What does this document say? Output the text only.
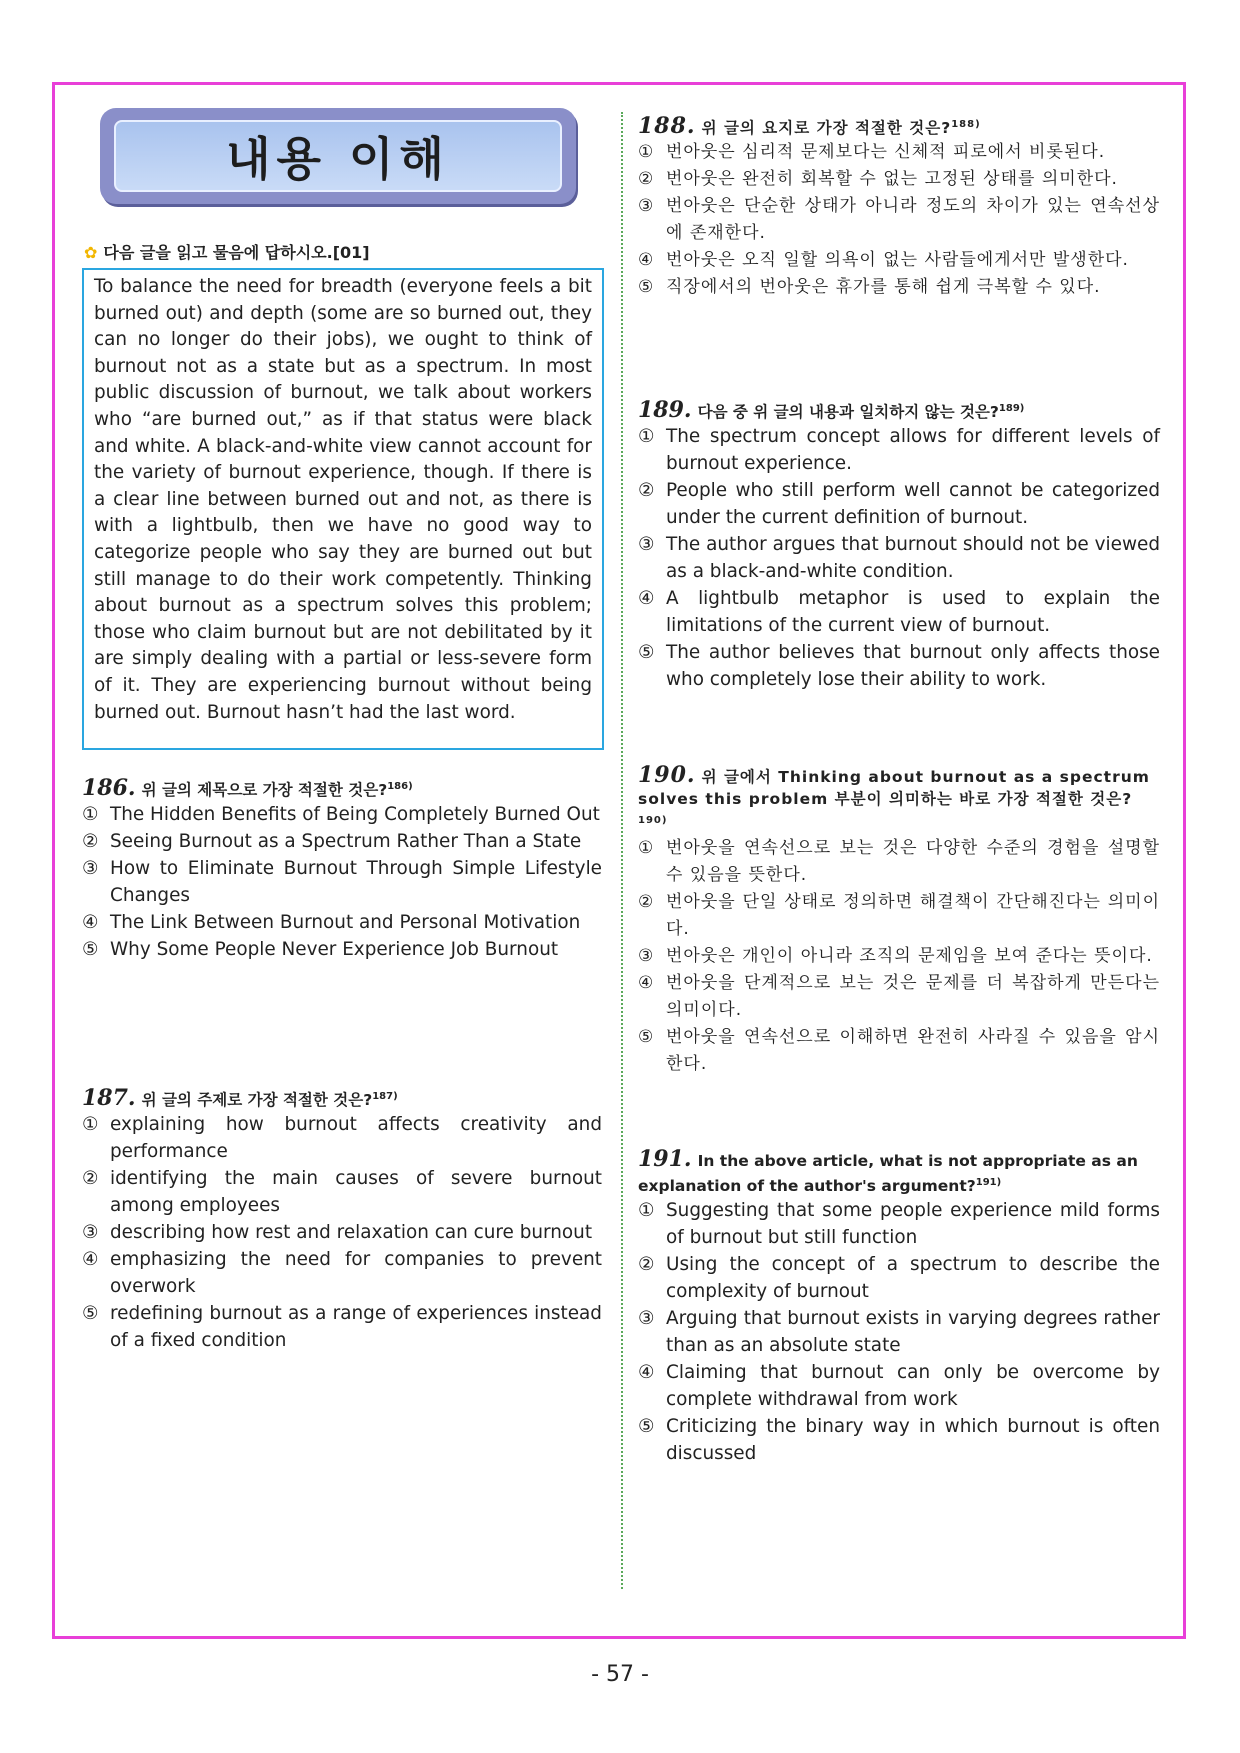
내용 이해
✿ 다음 글을 읽고 물음에 답하시오.[01]
To balance the need for breadth (everyone feels a bit burned out) and depth (some are so burned out, they can no longer do their jobs), we ought to think of burnout not as a state but as a spectrum. In most public discussion of burnout, we talk about workers who “are burned out,” as if that status were black and white. A black-and-white view cannot account for the variety of burnout experience, though. If there is a clear line between burned out and not, as there is with a lightbulb, then we have no good way to categorize people who say they are burned out but still manage to do their work competently. Thinking about burnout as a spectrum solves this problem; those who claim burnout but are not debilitated by it are simply dealing with a partial or less-severe form of it. They are experiencing burnout without being burned out. Burnout hasn’t had the last word.
186. 위 글의 제목으로 가장 적절한 것은?$^{186)}$
① The Hidden Benefits of Being Completely Burned Out
② Seeing Burnout as a Spectrum Rather Than a State
③ How to Eliminate Burnout Through Simple Lifestyle Changes
④ The Link Between Burnout and Personal Motivation
⑤ Why Some People Never Experience Job Burnout
187. 위 글의 주제로 가장 적절한 것은?$^{187)}$
① explaining how burnout affects creativity and performance
② identifying the main causes of severe burnout among employees
③ describing how rest and relaxation can cure burnout
④ emphasizing the need for companies to prevent overwork
⑤ redefining burnout as a range of experiences instead of a fixed condition
188. 위 글의 요지로 가장 적절한 것은?$^{188)}$
① 번아웃은 심리적 문제보다는 신체적 피로에서 비롯된다.
② 번아웃은 완전히 회복할 수 없는 고정된 상태를 의미한다.
③ 번아웃은 단순한 상태가 아니라 정도의 차이가 있는 연속선상에 존재한다.
④ 번아웃은 오직 일할 의욕이 없는 사람들에게서만 발생한다.
⑤ 직장에서의 번아웃은 휴가를 통해 쉽게 극복할 수 있다.
189. 다음 중 위 글의 내용과 일치하지 않는 것은?$^{189)}$
① The spectrum concept allows for different levels of burnout experience.
② People who still perform well cannot be categorized under the current definition of burnout.
③ The author argues that burnout should not be viewed as a black-and-white condition.
④ A lightbulb metaphor is used to explain the limitations of the current view of burnout.
⑤ The author believes that burnout only affects those who completely lose their ability to work.
190. 위 글에서 Thinking about burnout as a spectrum solves this problem 부분이 의미하는 바로 가장 적절한 것은?$^{190)}$
① 번아웃을 연속선으로 보는 것은 다양한 수준의 경험을 설명할 수 있음을 뜻한다.
② 번아웃을 단일 상태로 정의하면 해결책이 간단해진다는 의미이다.
③ 번아웃은 개인이 아니라 조직의 문제임을 보여 준다는 뜻이다.
④ 번아웃을 단계적으로 보는 것은 문제를 더 복잡하게 만든다는 의미이다.
⑤ 번아웃을 연속선으로 이해하면 완전히 사라질 수 있음을 암시한다.
191. In the above article, what is not appropriate as an explanation of the author's argument?$^{191)}$
① Suggesting that some people experience mild forms of burnout but still function
② Using the concept of a spectrum to describe the complexity of burnout
③ Arguing that burnout exists in varying degrees rather than as an absolute state
④ Claiming that burnout can only be overcome by complete withdrawal from work
⑤ Criticizing the binary way in which burnout is often discussed
- 57 -
